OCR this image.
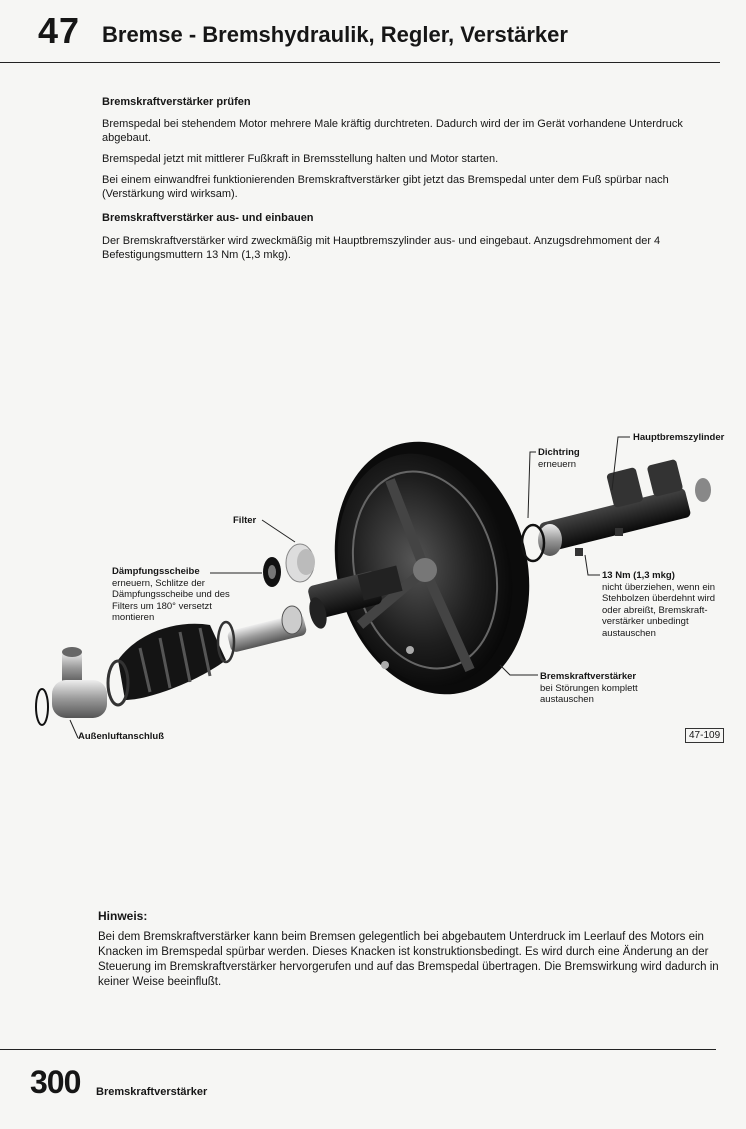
47 Bremse - Bremshydraulik, Regler, Verstärker
Bremskraftverstärker prüfen
Bremspedal bei stehendem Motor mehrere Male kräftig durchtreten. Dadurch wird der im Gerät vorhandene Unterdruck abgebaut.
Bremspedal jetzt mit mittlerer Fußkraft in Bremsstellung halten und Motor starten.
Bei einem einwandfrei funktionierenden Bremskraftverstärker gibt jetzt das Bremspedal unter dem Fuß spürbar nach (Verstärkung wird wirksam).
Bremskraftverstärker aus- und einbauen
Der Bremskraftverstärker wird zweckmäßig mit Hauptbremszylinder aus- und eingebaut. Anzugsdrehmoment der 4 Befestigungsmuttern 13 Nm (1,3 mkg).
Hauptbremszylinder
Dichtring
erneuern
Filter
Dämpfungsscheibe
erneuern, Schlitze der
Dämpfungsscheibe und des
Filters um 180° versetzt
montieren
13 Nm (1,3 mkg)
nicht überziehen, wenn ein
Stehbolzen überdehnt wird
oder abreißt, Bremskraft-
verstärker unbedingt
austauschen
Bremskraftverstärker
bei Störungen komplett
austauschen
Außenluftanschluß	47-109
Hinweis:
Bei dem Bremskraftverstärker kann beim Bremsen gelegentlich bei abgebautem Unterdruck im Leerlauf des Motors ein Knacken im Bremspedal spürbar werden. Dieses Knacken ist konstruktionsbedingt. Es wird durch eine Änderung an der Steuerung im Bremskraftverstärker hervorgerufen und auf das Bremspedal übertragen. Die Bremswirkung wird dadurch in keiner Weise beeinflußt.
300 Bremskraftverstärker
